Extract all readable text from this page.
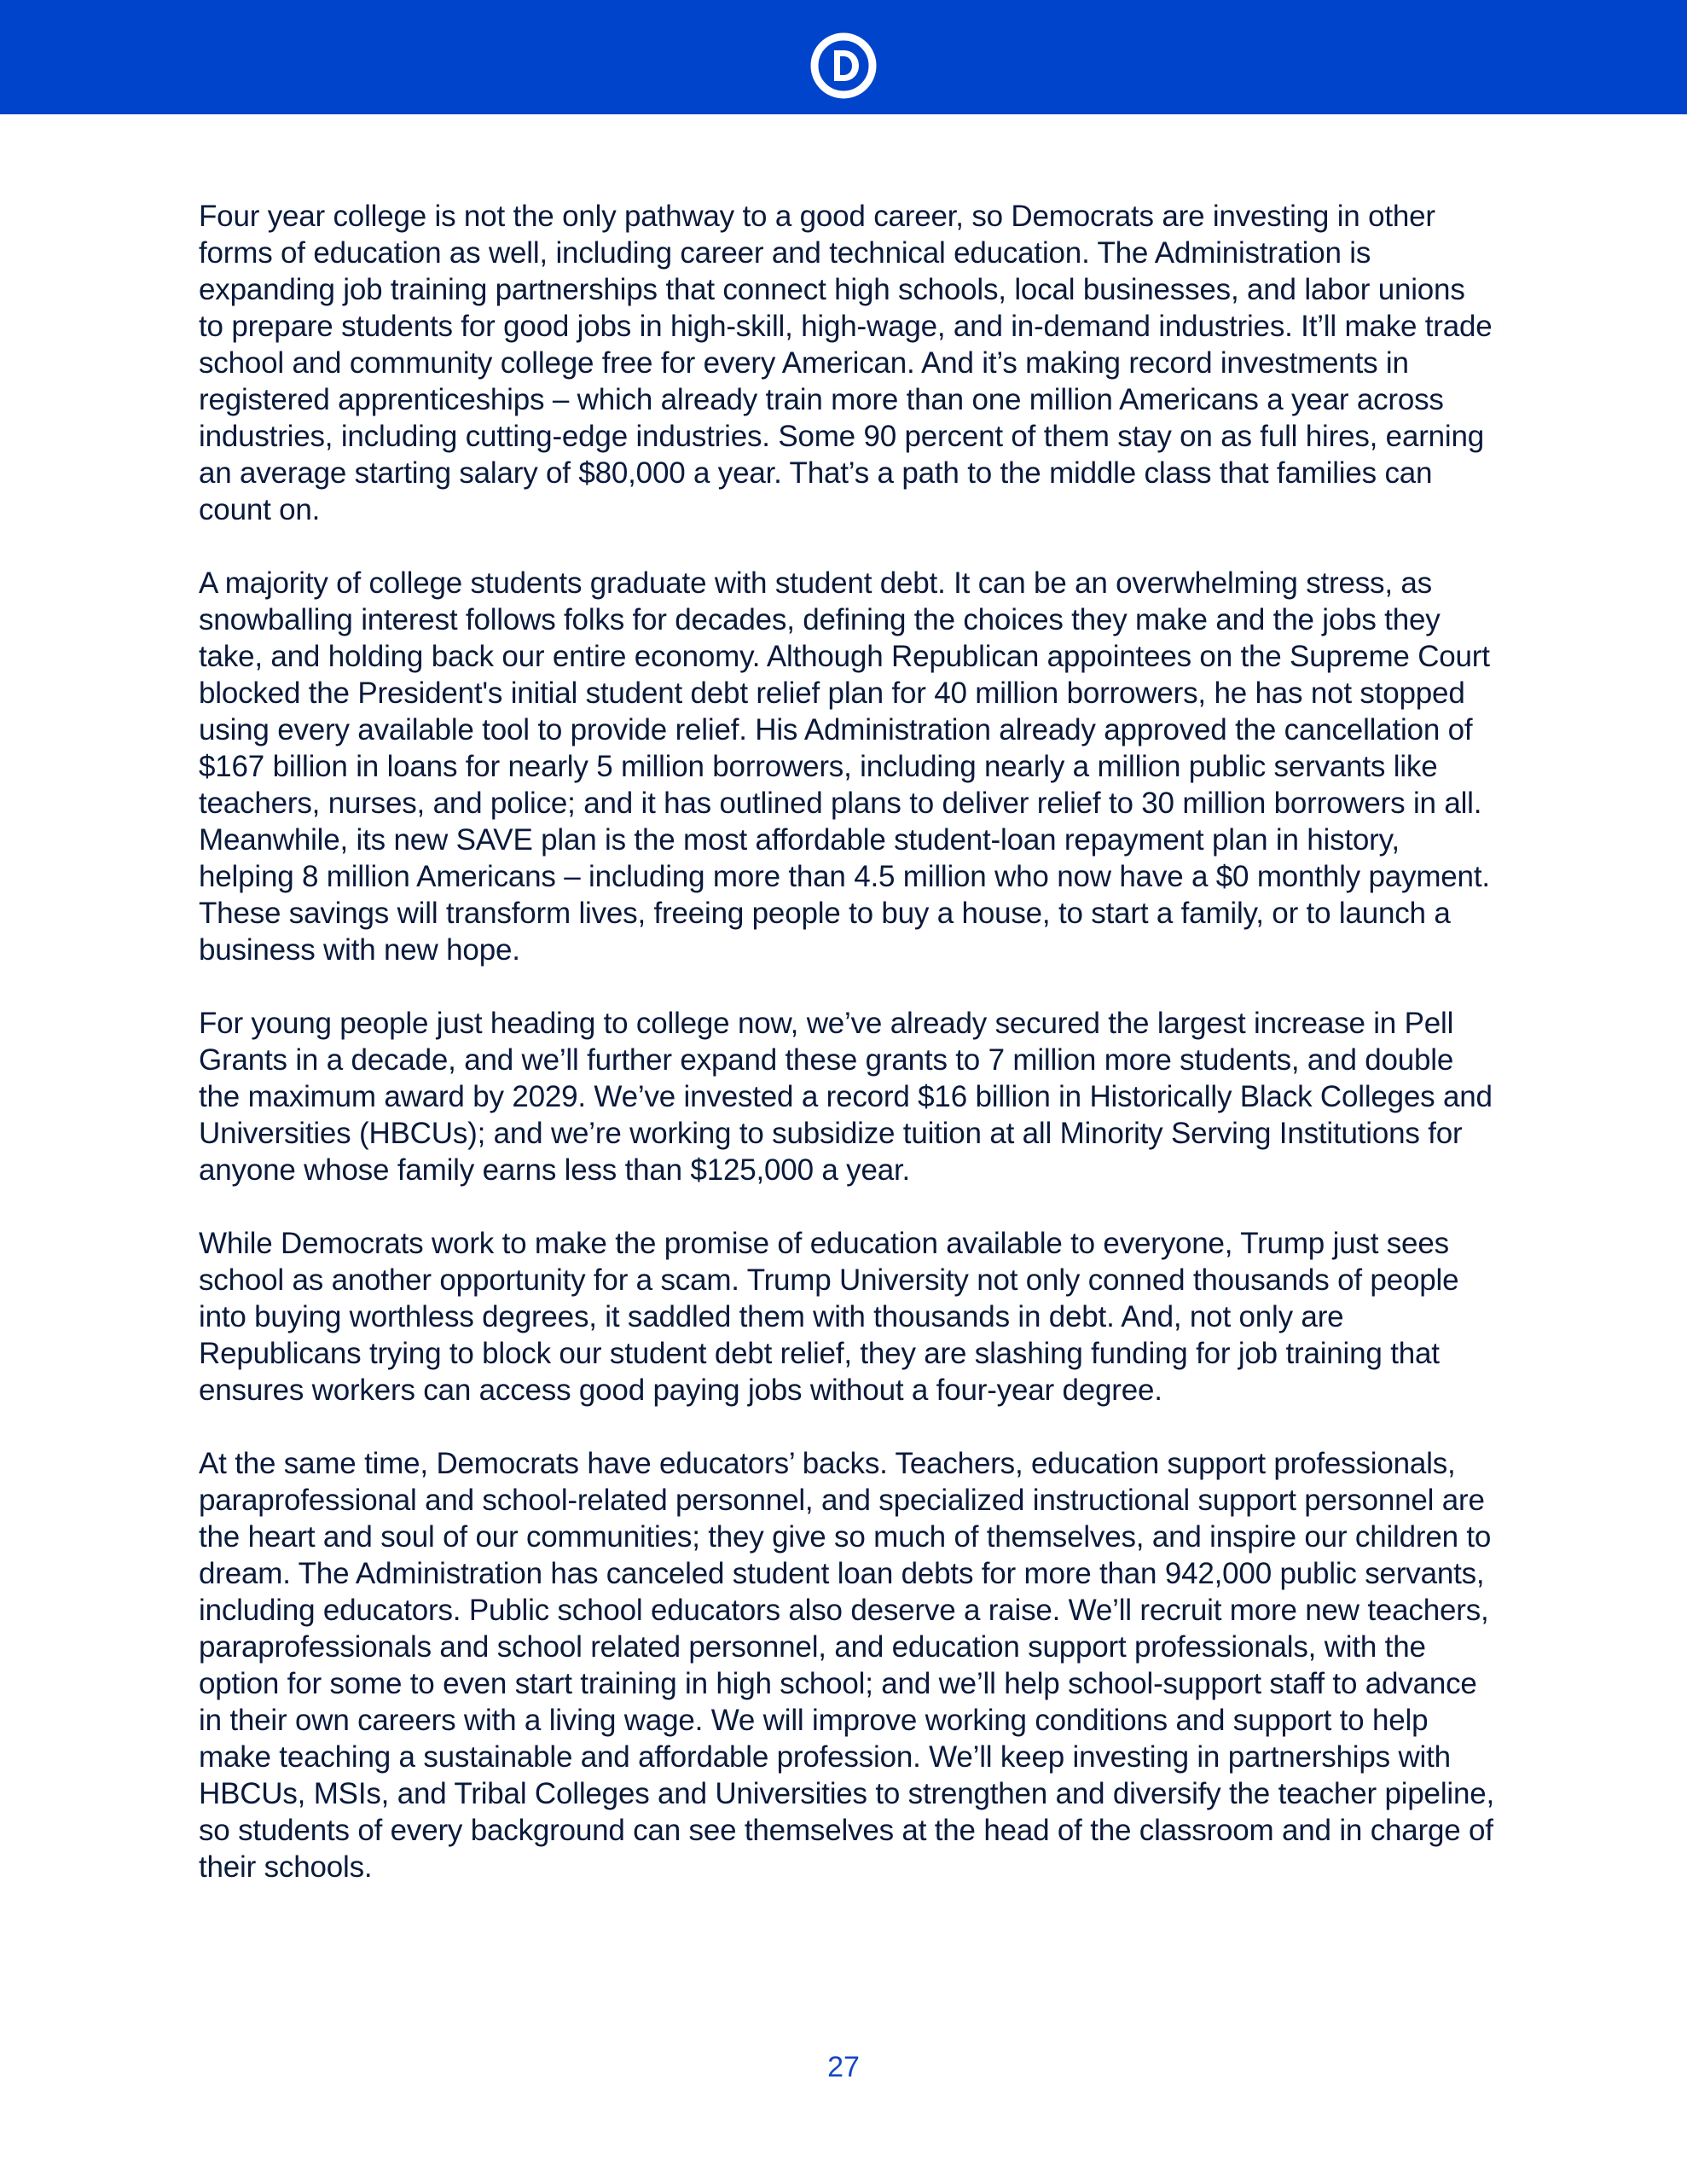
Four year college is not the only pathway to a good career, so Democrats are investing in other forms of education as well, including career and technical education. The Administration is expanding job training partnerships that connect high schools, local businesses, and labor unions to prepare students for good jobs in high-skill, high-wage, and in-demand industries. It’ll make trade school and community college free for every American. And it’s making record investments in registered apprenticeships – which already train more than one million Americans a year across industries, including cutting-edge industries. Some 90 percent of them stay on as full hires, earning an average starting salary of $80,000 a year. That’s a path to the middle class that families can count on.

A majority of college students graduate with student debt. It can be an overwhelming stress, as snowballing interest follows folks for decades, defining the choices they make and the jobs they take, and holding back our entire economy. Although Republican appointees on the Supreme Court blocked the President's initial student debt relief plan for 40 million borrowers, he has not stopped using every available tool to provide relief. His Administration already approved the cancellation of $167 billion in loans for nearly 5 million borrowers, including nearly a million public servants like teachers, nurses, and police; and it has outlined plans to deliver relief to 30 million borrowers in all. Meanwhile, its new SAVE plan is the most affordable student-loan repayment plan in history, helping 8 million Americans – including more than 4.5 million who now have a $0 monthly payment. These savings will transform lives, freeing people to buy a house, to start a family, or to launch a business with new hope.

For young people just heading to college now, we’ve already secured the largest increase in Pell Grants in a decade, and we’ll further expand these grants to 7 million more students, and double the maximum award by 2029. We’ve invested a record $16 billion in Historically Black Colleges and Universities (HBCUs); and we’re working to subsidize tuition at all Minority Serving Institutions for anyone whose family earns less than $125,000 a year.

While Democrats work to make the promise of education available to everyone, Trump just sees school as another opportunity for a scam. Trump University not only conned thousands of people into buying worthless degrees, it saddled them with thousands in debt. And, not only are Republicans trying to block our student debt relief, they are slashing funding for job training that ensures workers can access good paying jobs without a four-year degree.

At the same time, Democrats have educators’ backs. Teachers, education support professionals, paraprofessional and school-related personnel, and specialized instructional support personnel are the heart and soul of our communities; they give so much of themselves, and inspire our children to dream. The Administration has canceled student loan debts for more than 942,000 public servants, including educators. Public school educators also deserve a raise. We’ll recruit more new teachers, paraprofessionals and school related personnel, and education support professionals, with the option for some to even start training in high school; and we’ll help school-support staff to advance in their own careers with a living wage. We will improve working conditions and support to help make teaching a sustainable and affordable profession. We’ll keep investing in partnerships with HBCUs, MSIs, and Tribal Colleges and Universities to strengthen and diversify the teacher pipeline, so students of every background can see themselves at the head of the classroom and in charge of their schools.

27
